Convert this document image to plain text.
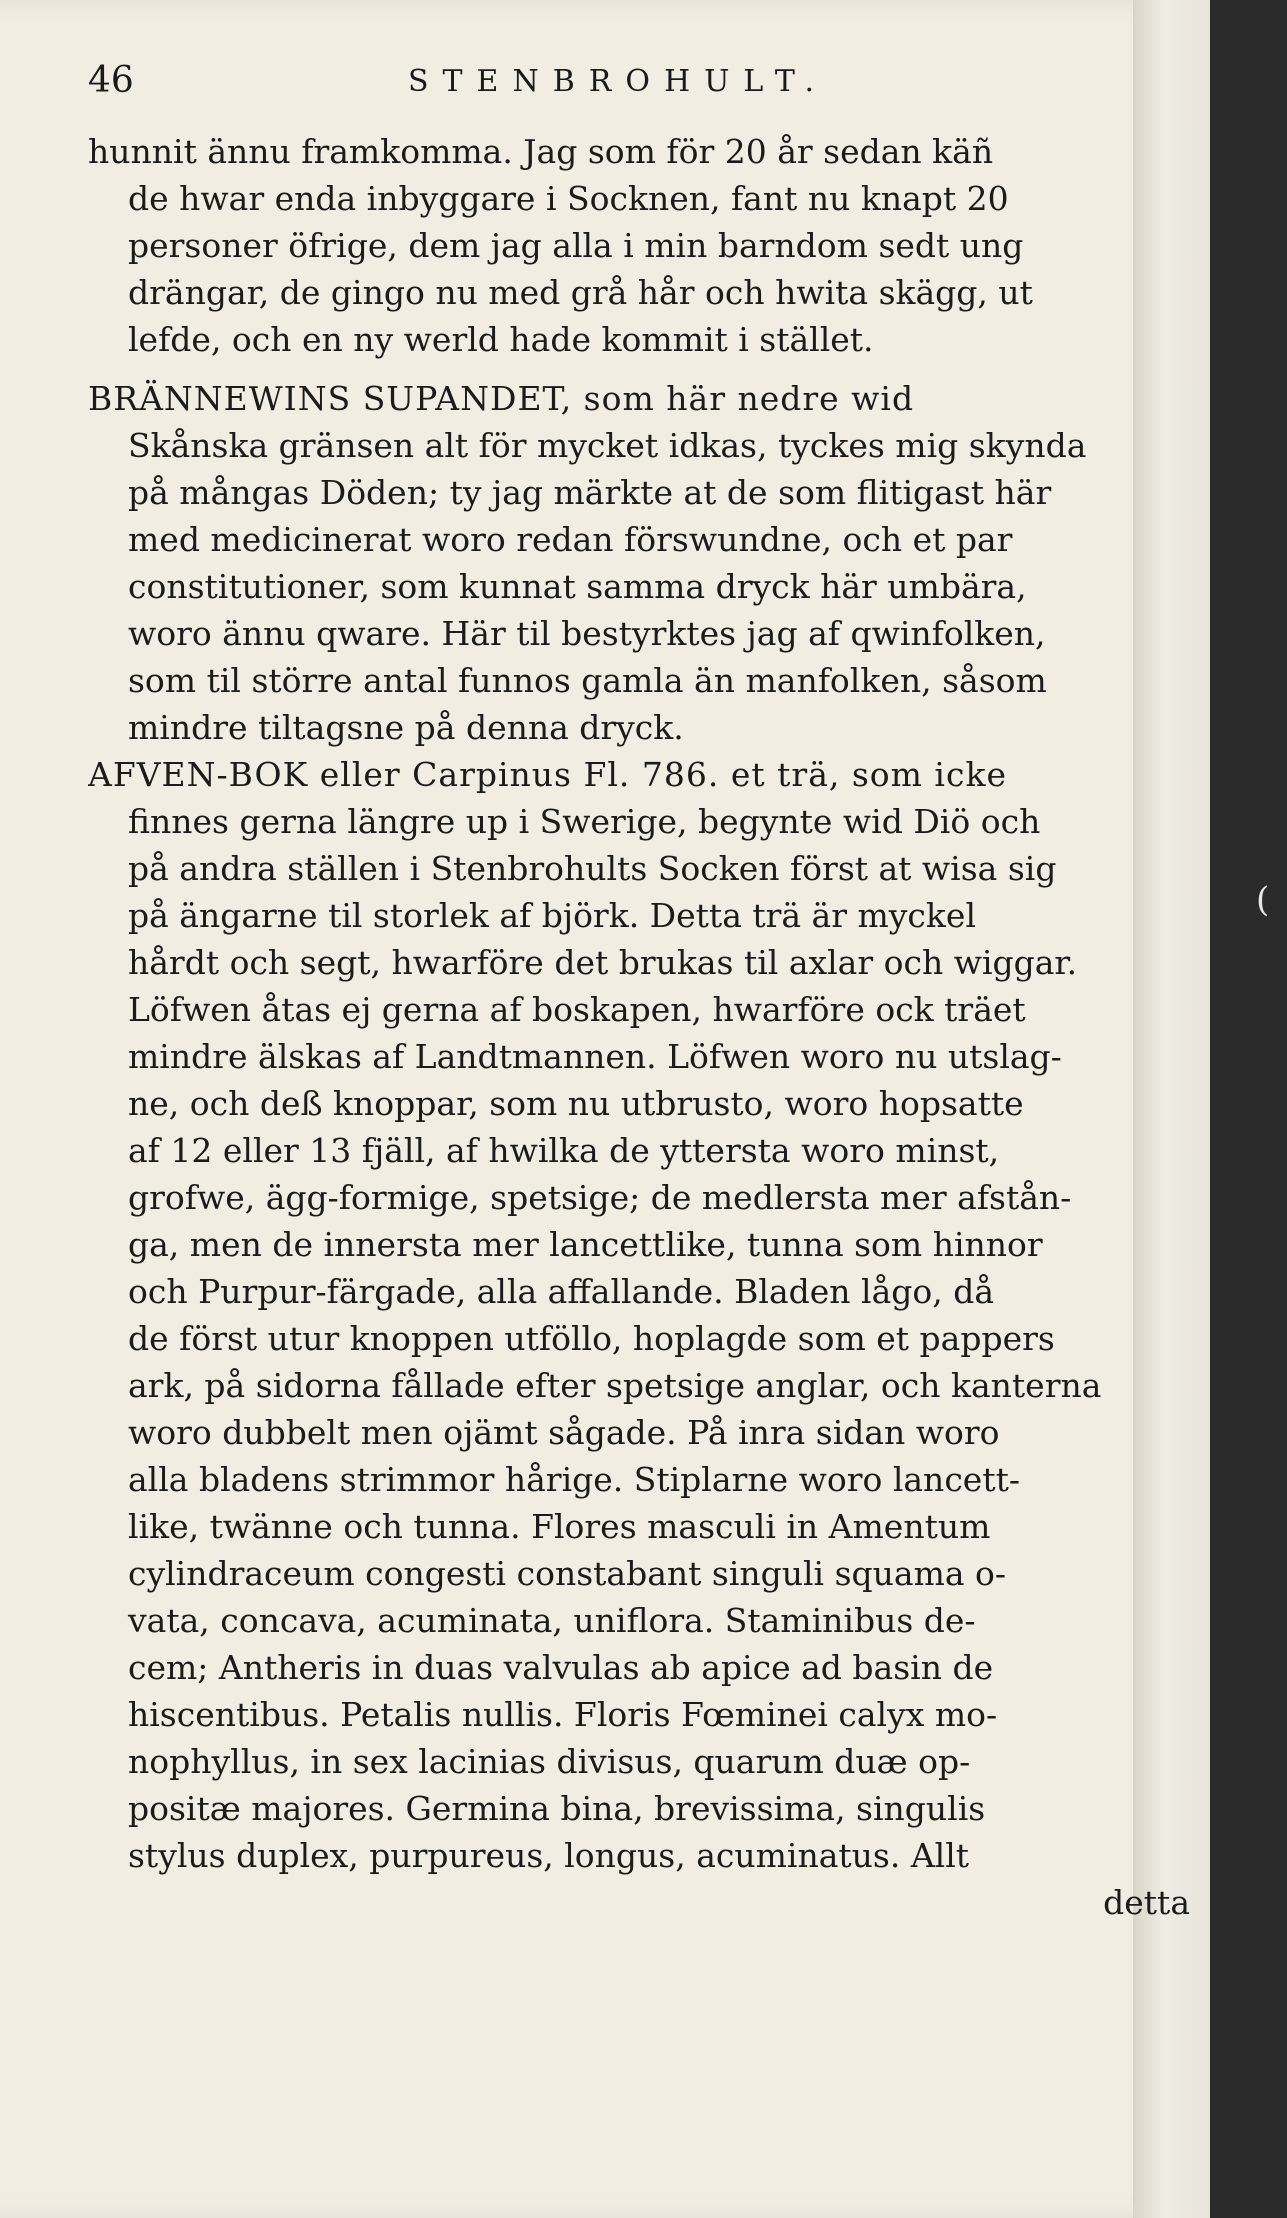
46	STENBROHULT.
hunnit ännu framkomma. Jag som för 20 år sedan käñ
de hwar enda inbyggare i Socknen, fant nu knapt 20
personer öfrige, dem jag alla i min barndom sedt ung
drängar, de gingo nu med grå hår och hwita skägg, ut
lefde, och en ny werld hade kommit i stället.
BRÄNNEWINS SUPANDET, som här nedre wid
Skånska gränsen alt för mycket idkas, tyckes mig skynda
på mångas Döden; ty jag märkte at de som flitigast här
med medicinerat woro redan förswundne, och et par
constitutioner, som kunnat samma dryck här umbära,
woro ännu qware. Här til bestyrktes jag af qwinfolken,
som til större antal funnos gamla än manfolken, såsom
mindre tiltagsne på denna dryck.
AFVEN-BOK eller Carpinus Fl. 786. et trä, som icke
finnes gerna längre up i Swerige, begynte wid Diö och
på andra ställen i Stenbrohults Socken först at wisa sig
på ängarne til storlek af björk. Detta trä är myckel
hårdt och segt, hwarföre det brukas til axlar och wiggar.
Löfwen åtas ej gerna af boskapen, hwarföre ock träet
mindre älskas af Landtmannen. Löfwen woro nu utslag-
ne, och deß knoppar, som nu utbrusto, woro hopsatte
af 12 eller 13 fjäll, af hwilka de yttersta woro minst,
grofwe, ägg-formige, spetsige; de medlersta mer afstån-
ga, men de innersta mer lancettlike, tunna som hinnor
och Purpur-färgade, alla affallande. Bladen lågo, då
de först utur knoppen utföllo, hoplagde som et pappers
ark, på sidorna fållade efter spetsige anglar, och kanterna
woro dubbelt men ojämt sågade. På inra sidan woro
alla bladens strimmor hårige. Stiplarne woro lancett-
like, twänne och tunna. Flores masculi in Amentum
cylindraceum congesti constabant singuli squama o-
vata, concava, acuminata, uniflora. Staminibus de-
cem; Antheris in duas valvulas ab apice ad basin de
hiscentibus. Petalis nullis. Floris Fœminei calyx mo-
nophyllus, in sex lacinias divisus, quarum duæ op-
positæ majores. Germina bina, brevissima, singulis
stylus duplex, purpureus, longus, acuminatus. Allt
detta
(
